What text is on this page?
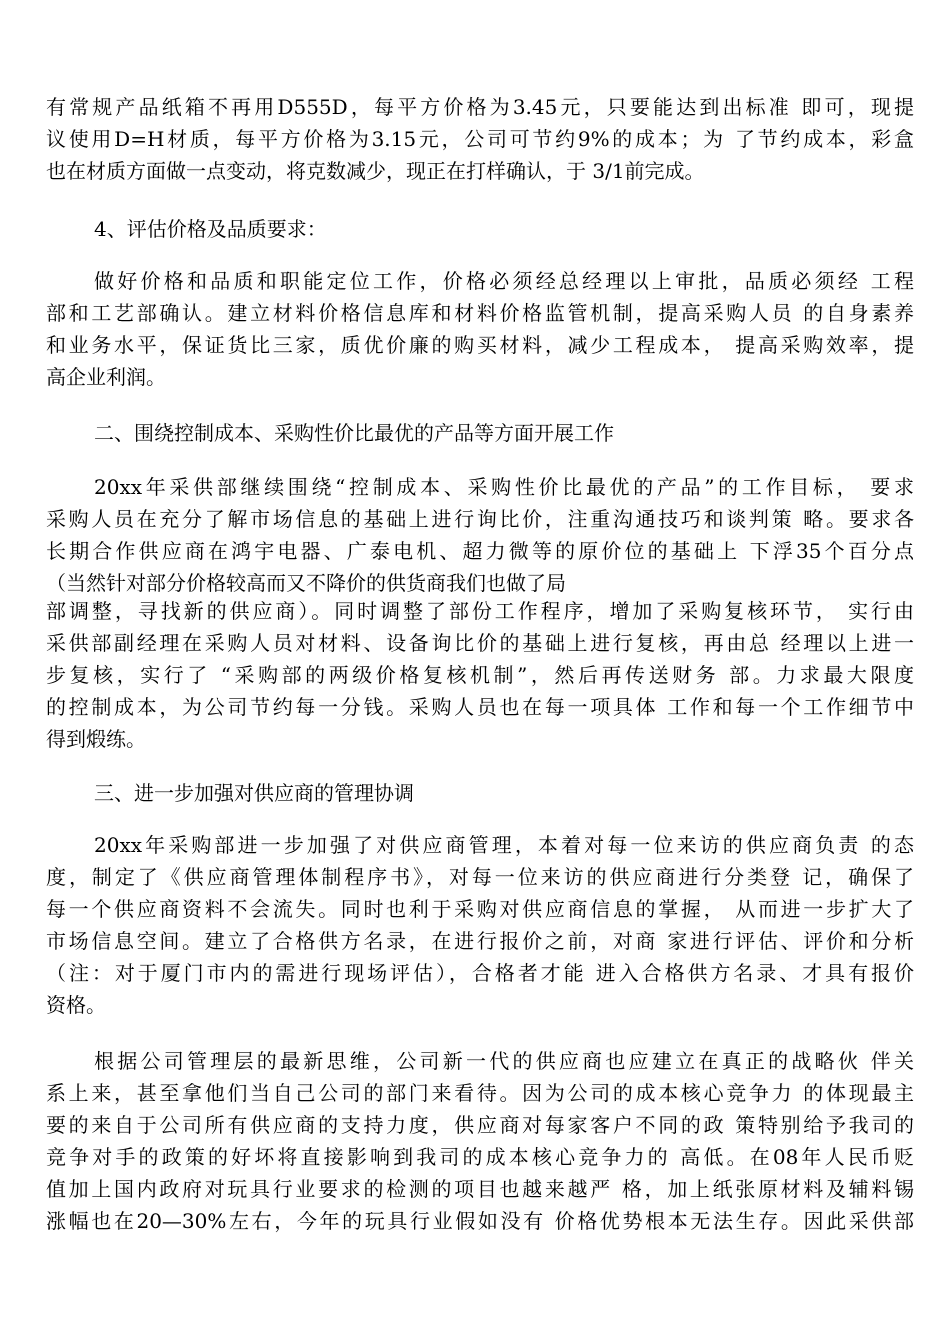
有常规产品纸箱不再用D555D，每平方价格为3.45元，只要能达到出标准 即可，现提
议使用D=H材质，每平方价格为3.15元，公司可节约9%的成本；为 了节约成本，彩盒
也在材质方面做一点变动，将克数减少，现正在打样确认，于 3/1前完成。
4、评估价格及品质要求：
做好价格和品质和职能定位工作，价格必须经总经理以上审批，品质必须经 工程
部和工艺部确认。建立材料价格信息库和材料价格监管机制，提高采购人员 的自身素养
和业务水平，保证货比三家，质优价廉的购买材料，减少工程成本， 提高采购效率，提
高企业利润。
二、围绕控制成本、采购性价比最优的产品等方面开展工作
20xx年采供部继续围绕“控制成本、采购性价比最优的产品”的工作目标， 要求
采购人员在充分了解市场信息的基础上进行询比价，注重沟通技巧和谈判策 略。要求各
长期合作供应商在鸿宇电器、广泰电机、超力微等的原价位的基础上 下浮35个百分点
（当然针对部分价格较高而又不降价的供货商我们也做了局
部调整，寻找新的供应商）。同时调整了部份工作程序，增加了采购复核环节， 实行由
采供部副经理在采购人员对材料、设备询比价的基础上进行复核，再由总 经理以上进一
步复核，实行了 “采购部的两级价格复核机制”，然后再传送财务 部。力求最大限度
的控制成本，为公司节约每一分钱。采购人员也在每一项具体 工作和每一个工作细节中
得到煅练。
三、进一步加强对供应商的管理协调
20xx年采购部进一步加强了对供应商管理，本着对每一位来访的供应商负责 的态
度，制定了《供应商管理体制程序书》，对每一位来访的供应商进行分类登 记，确保了
每一个供应商资料不会流失。同时也利于采购对供应商信息的掌握， 从而进一步扩大了
市场信息空间。建立了合格供方名录，在进行报价之前，对商 家进行评估、评价和分析
（注：对于厦门市内的需进行现场评估），合格者才能 进入合格供方名录、才具有报价
资格。
根据公司管理层的最新思维，公司新一代的供应商也应建立在真正的战略伙 伴关
系上来，甚至拿他们当自己公司的部门来看待。因为公司的成本核心竞争力 的体现最主
要的来自于公司所有供应商的支持力度，供应商对每家客户不同的政 策特别给予我司的
竞争对手的政策的好坏将直接影响到我司的成本核心竞争力的 高低。在08年人民币贬
值加上国内政府对玩具行业要求的检测的项目也越来越严 格，加上纸张原材料及辅料锡
涨幅也在20—30%左右，今年的玩具行业假如没有 价格优势根本无法生存。因此采供部
